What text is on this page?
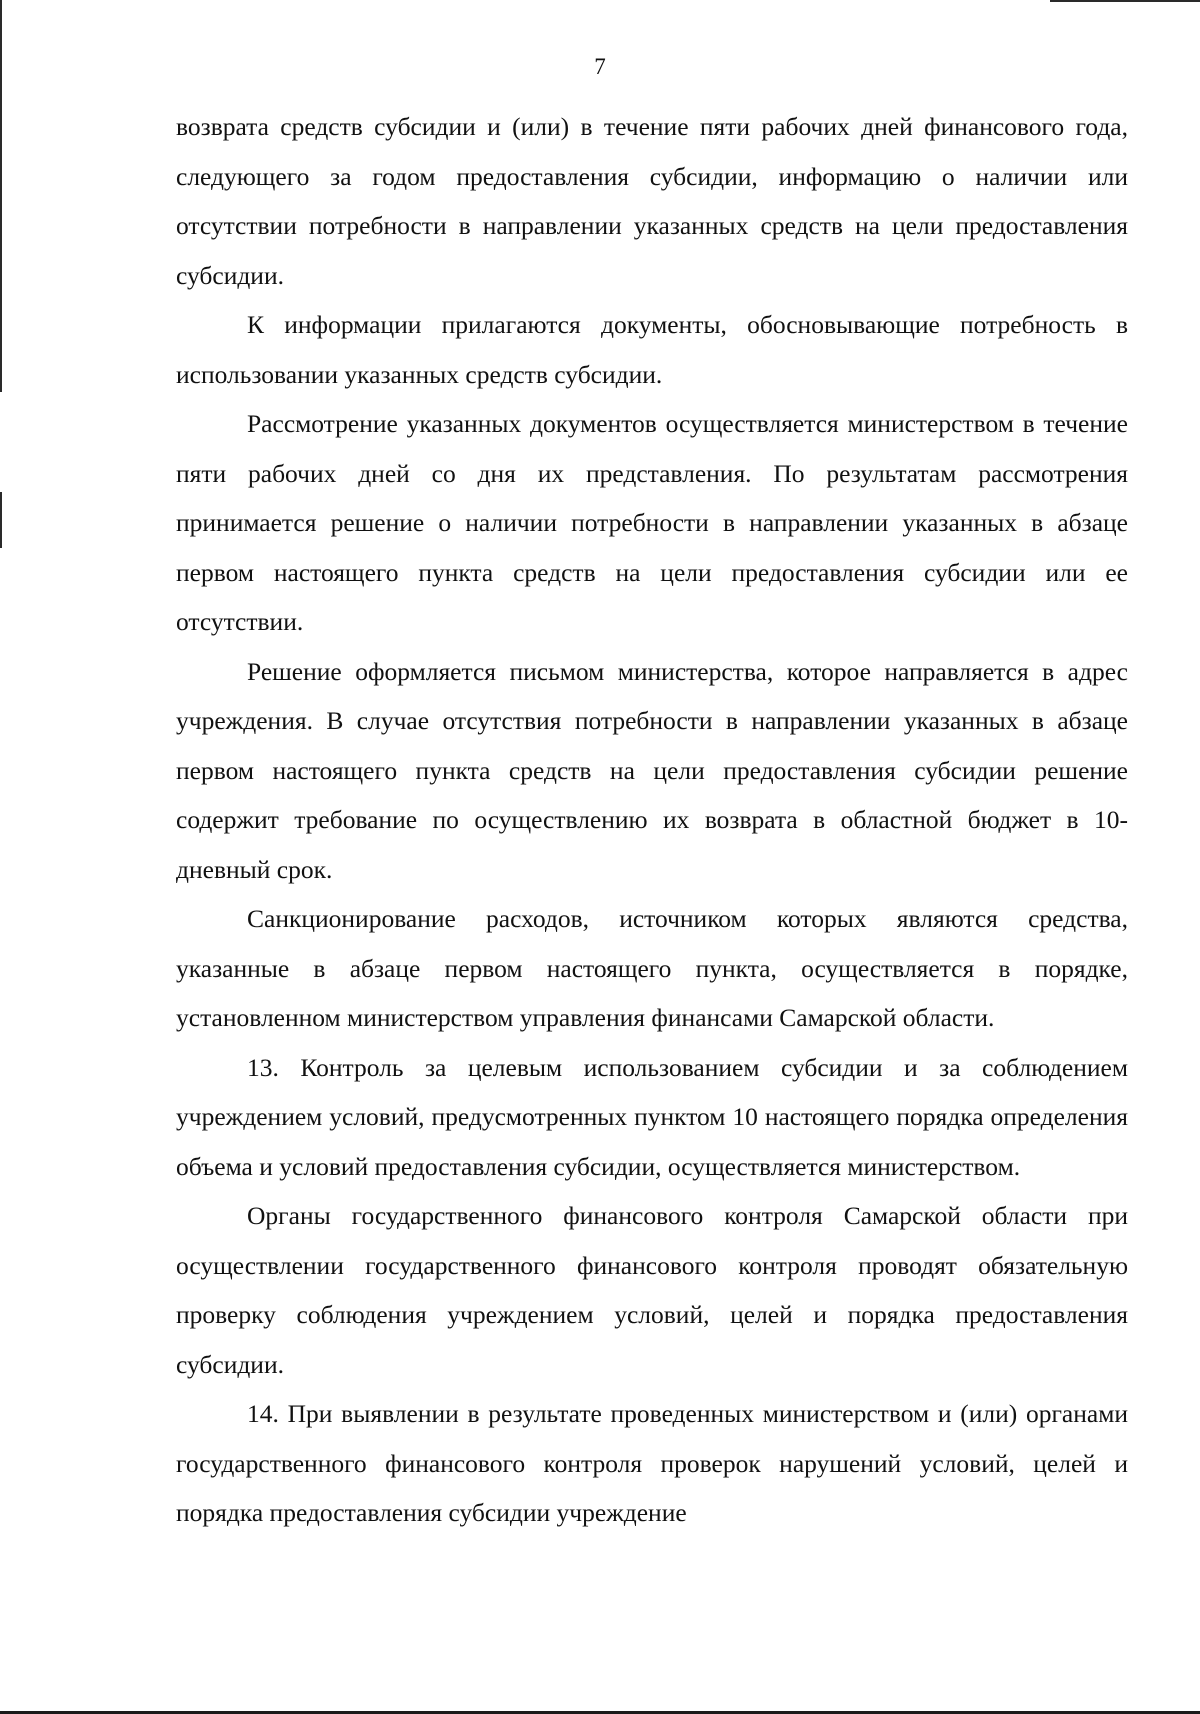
7

возврата средств субсидии и (или) в течение пяти рабочих дней финансового года, следующего за годом предоставления субсидии, информацию о наличии или отсутствии потребности в направлении указанных средств на цели предоставления субсидии.

К информации прилагаются документы, обосновывающие потребность в использовании указанных средств субсидии.

Рассмотрение указанных документов осуществляется министерством в течение пяти рабочих дней со дня их представления. По результатам рассмотрения принимается решение о наличии потребности в направлении указанных в абзаце первом настоящего пункта средств на цели предоставления субсидии или ее отсутствии.

Решение оформляется письмом министерства, которое направляется в адрес учреждения. В случае отсутствия потребности в направлении указанных в абзаце первом настоящего пункта средств на цели предоставления субсидии решение содержит требование по осуществлению их возврата в областной бюджет в 10-дневный срок.

Санкционирование расходов, источником которых являются средства, указанные в абзаце первом настоящего пункта, осуществляется в порядке, установленном министерством управления финансами Самарской области.

13. Контроль за целевым использованием субсидии и за соблюдением учреждением условий, предусмотренных пунктом 10 настоящего порядка определения объема и условий предоставления субсидии, осуществляется министерством.

Органы государственного финансового контроля Самарской области при осуществлении государственного финансового контроля проводят обязательную проверку соблюдения учреждением условий, целей и порядка предоставления субсидии.

14. При выявлении в результате проведенных министерством и (или) органами государственного финансового контроля проверок нарушений условий, целей и порядка предоставления субсидии учреждение
